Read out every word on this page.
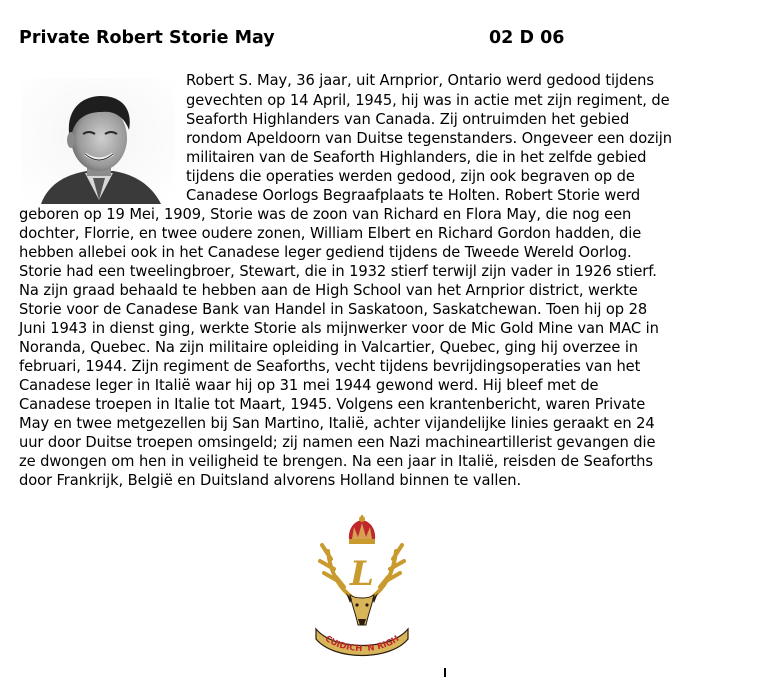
Private Robert Storie May	02 D 06
Robert S. May, 36 jaar, uit Arnprior, Ontario werd gedood tijdens
gevechten op 14 April, 1945, hij was in actie met zijn regiment, de
Seaforth Highlanders van Canada. Zij ontruimden het gebied
rondom Apeldoorn van Duitse tegenstanders. Ongeveer een dozijn
militairen van de Seaforth Highlanders, die in het zelfde gebied
tijdens die operaties werden gedood, zijn ook begraven op de
Canadese Oorlogs Begraafplaats te Holten. Robert Storie werd
geboren op 19 Mei, 1909, Storie was de zoon van Richard en Flora May, die nog een
dochter, Florrie, en twee oudere zonen, William Elbert en Richard Gordon hadden, die
hebben allebei ook in het Canadese leger gediend tijdens de Tweede Wereld Oorlog.
Storie had een tweelingbroer, Stewart, die in 1932 stierf terwijl zijn vader in 1926 stierf.
Na zijn graad behaald te hebben aan de High School van het Arnprior district, werkte
Storie voor de Canadese Bank van Handel in Saskatoon, Saskatchewan. Toen hij op 28
Juni 1943 in dienst ging, werkte Storie als mijnwerker voor de Mic Gold Mine van MAC in
Noranda, Quebec. Na zijn militaire opleiding in Valcartier, Quebec, ging hij overzee in
februari, 1944. Zijn regiment de Seaforths, vecht tijdens bevrijdingsoperaties van het
Canadese leger in Italië waar hij op 31 mei 1944 gewond werd. Hij bleef met de
Canadese troepen in Italie tot Maart, 1945. Volgens een krantenbericht, waren Private
May en twee metgezellen bij San Martino, Italië, achter vijandelijke linies geraakt en 24
uur door Duitse troepen omsingeld; zij namen een Nazi machineartillerist gevangen die
ze dwongen om hen in veiligheid te brengen. Na een jaar in Italië, reisden de Seaforths
door Frankrijk, België en Duitsland alvorens Holland binnen te vallen.
L
CUIDICH 'N RIGH
